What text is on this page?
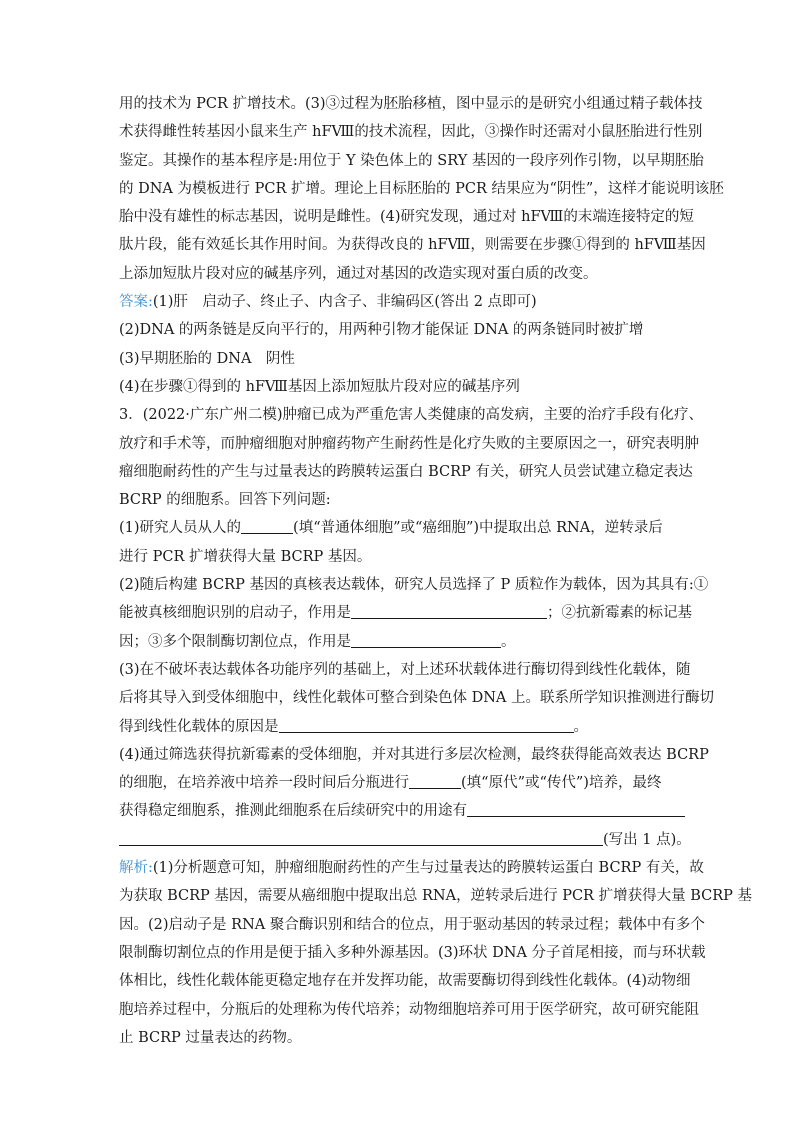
用的技术为 PCR 扩增技术。(3)③过程为胚胎移植，图中显示的是研究小组通过精子载体技
术获得雌性转基因小鼠来生产 hFⅧ的技术流程，因此，③操作时还需对小鼠胚胎进行性别
鉴定。其操作的基本程序是:用位于 Y 染色体上的 SRY 基因的一段序列作引物，以早期胚胎
的 DNA 为模板进行 PCR 扩增。理论上目标胚胎的 PCR 结果应为“阴性”，这样才能说明该胚
胎中没有雄性的标志基因，说明是雌性。(4)研究发现，通过对 hFⅧ的末端连接特定的短
肽片段，能有效延长其作用时间。为获得改良的 hFⅧ，则需要在步骤①得到的 hFⅧ基因
上添加短肽片段对应的碱基序列，通过对基因的改造实现对蛋白质的改变。
答案:(1)肝　启动子、终止子、内含子、非编码区(答出 2 点即可)
(2)DNA 的两条链是反向平行的，用两种引物才能保证 DNA 的两条链同时被扩增
(3)早期胚胎的 DNA　阴性
(4)在步骤①得到的 hFⅧ基因上添加短肽片段对应的碱基序列
3．(2022·广东广州二模)肿瘤已成为严重危害人类健康的高发病，主要的治疗手段有化疗、
放疗和手术等，而肿瘤细胞对肿瘤药物产生耐药性是化疗失败的主要原因之一，研究表明肿
瘤细胞耐药性的产生与过量表达的跨膜转运蛋白 BCRP 有关，研究人员尝试建立稳定表达
BCRP 的细胞系。回答下列问题:
(1)研究人员从人的	(填“普通体细胞”或“癌细胞”)中提取出总 RNA，逆转录后
进行 PCR 扩增获得大量 BCRP 基因。
(2)随后构建 BCRP 基因的真核表达载体，研究人员选择了 P 质粒作为载体，因为其具有:①
能被真核细胞识别的启动子，作用是	；②抗新霉素的标记基
因；③多个限制酶切割位点，作用是	。
(3)在不破坏表达载体各功能序列的基础上，对上述环状载体进行酶切得到线性化载体，随
后将其导入到受体细胞中，线性化载体可整合到染色体 DNA 上。联系所学知识推测进行酶切
得到线性化载体的原因是	。
(4)通过筛选获得抗新霉素的受体细胞，并对其进行多层次检测，最终获得能高效表达 BCRP
的细胞，在培养液中培养一段时间后分瓶进行	(填“原代”或“传代”)培养，最终
获得稳定细胞系，推测此细胞系在后续研究中的用途有
(写出 1 点)。
解析:(1)分析题意可知，肿瘤细胞耐药性的产生与过量表达的跨膜转运蛋白 BCRP 有关，故
为获取 BCRP 基因，需要从癌细胞中提取出总 RNA，逆转录后进行 PCR 扩增获得大量 BCRP 基
因。(2)启动子是 RNA 聚合酶识别和结合的位点，用于驱动基因的转录过程；载体中有多个
限制酶切割位点的作用是便于插入多种外源基因。(3)环状 DNA 分子首尾相接，而与环状载
体相比，线性化载体能更稳定地存在并发挥功能，故需要酶切得到线性化载体。(4)动物细
胞培养过程中，分瓶后的处理称为传代培养；动物细胞培养可用于医学研究，故可研究能阻
止 BCRP 过量表达的药物。
